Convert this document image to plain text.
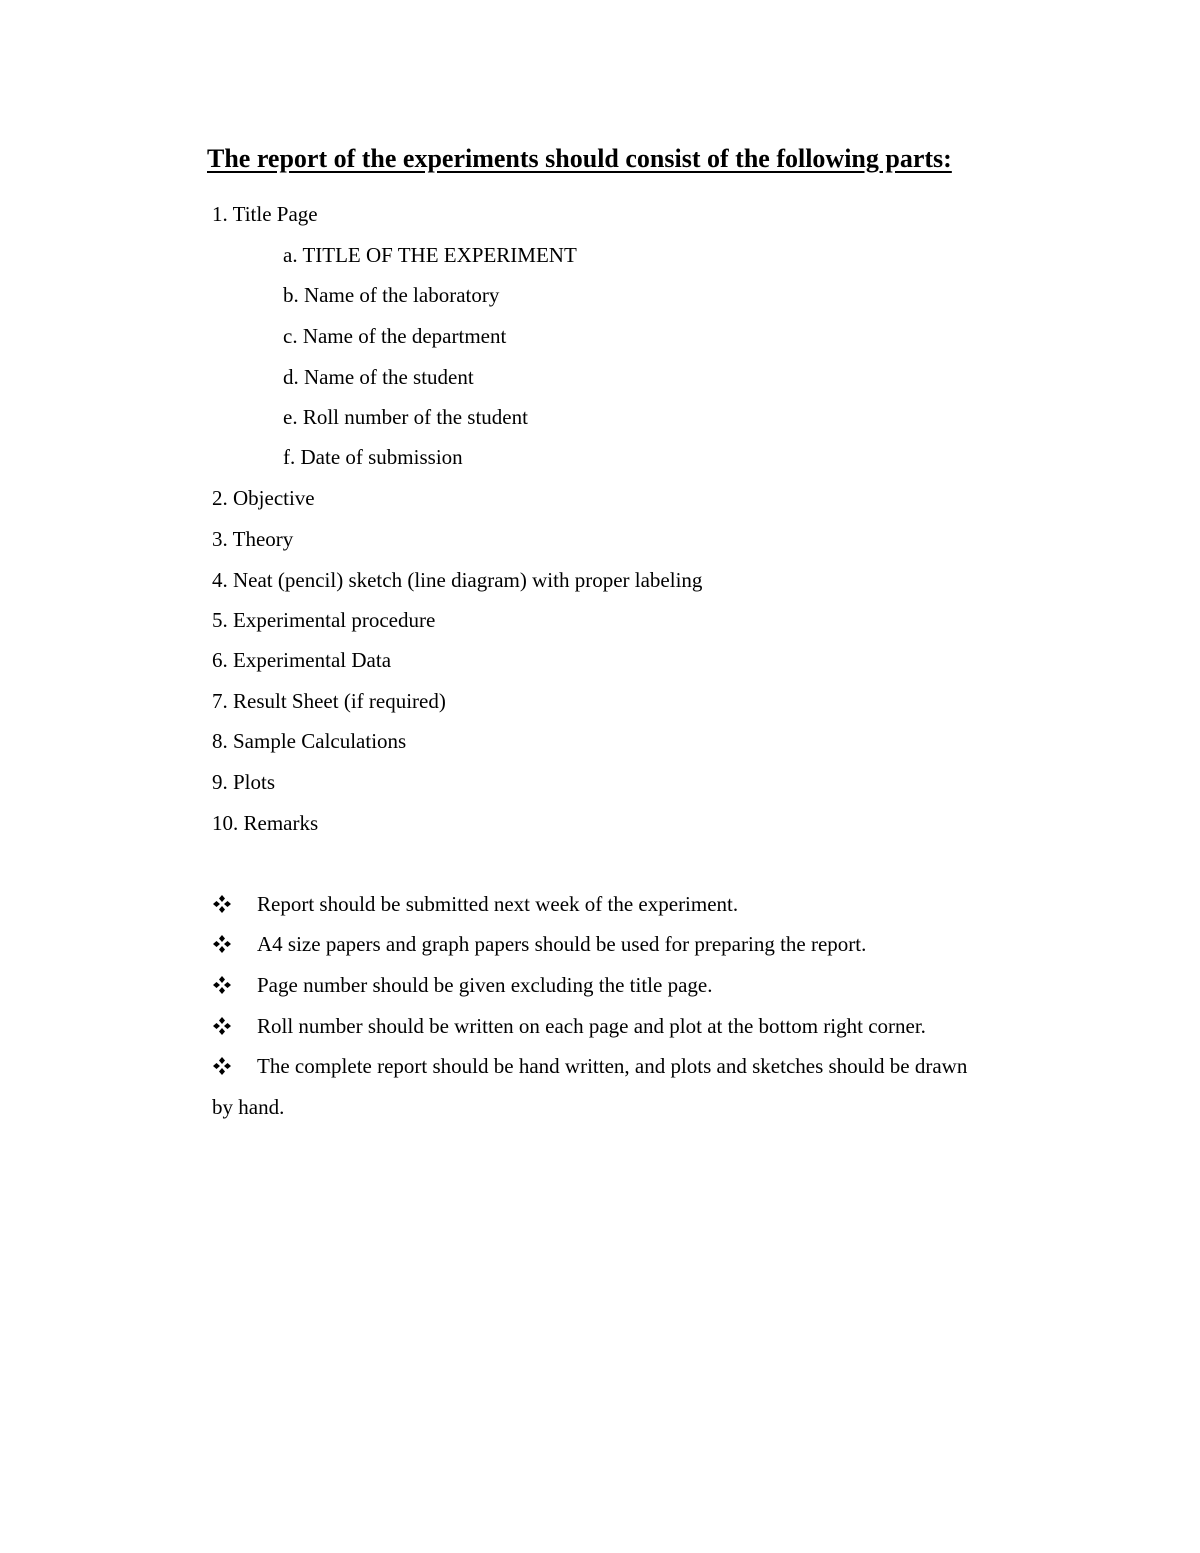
The report of the experiments should consist of the following parts:
1. Title Page
a. TITLE OF THE EXPERIMENT
b. Name of the laboratory
c. Name of the department
d. Name of the student
e. Roll number of the student
f. Date of submission
2. Objective
3. Theory
4. Neat (pencil) sketch (line diagram) with proper labeling
5. Experimental procedure
6. Experimental Data
7. Result Sheet (if required)
8. Sample Calculations
9. Plots
10. Remarks
Report should be submitted next week of the experiment.
A4 size papers and graph papers should be used for preparing the report.
Page number should be given excluding the title page.
Roll number should be written on each page and plot at the bottom right corner.
The complete report should be hand written, and plots and sketches should be drawn
by hand.
